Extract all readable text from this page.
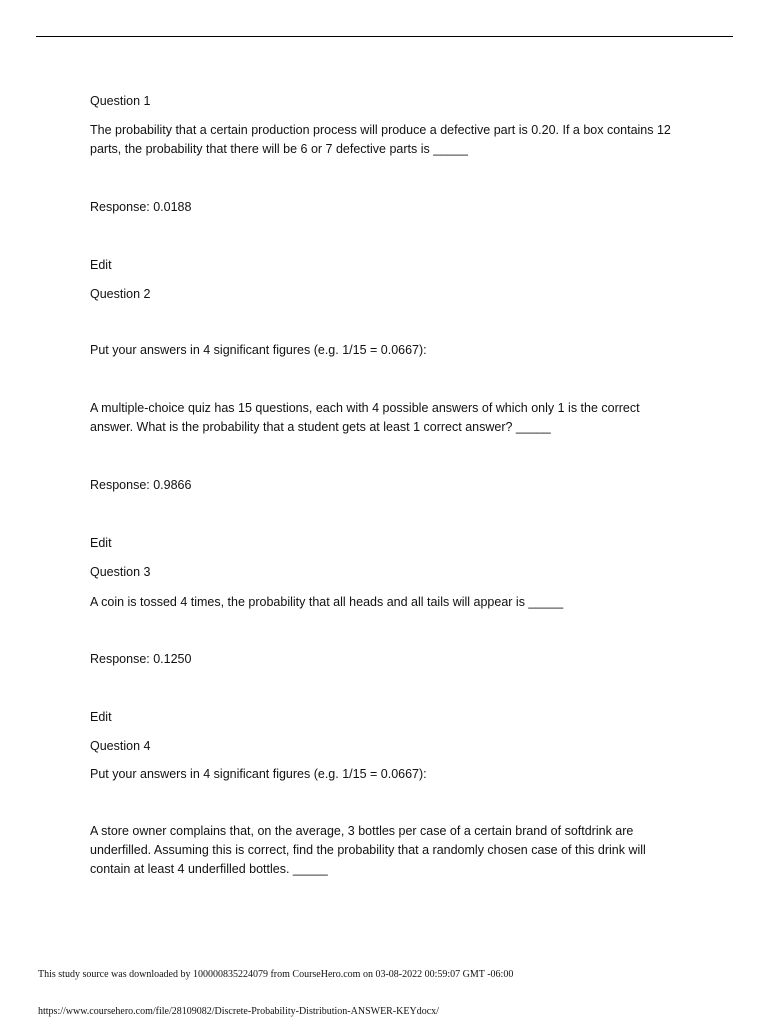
Question 1

The probability that a certain production process will produce a defective part is 0.20. If a box contains 12 parts, the probability that there will be 6 or 7 defective parts is _____

Response: 0.0188

Edit

Question 2

Put your answers in 4 significant figures (e.g. 1/15 = 0.0667):

A multiple-choice quiz has 15 questions, each with 4 possible answers of which only 1 is the correct answer. What is the probability that a student gets at least 1 correct answer? _____

Response: 0.9866

Edit

Question 3

A coin is tossed 4 times, the probability that all heads and all tails will appear is _____

Response: 0.1250

Edit

Question 4

Put your answers in 4 significant figures (e.g. 1/15 = 0.0667):

A store owner complains that, on the average, 3 bottles per case of a certain brand of softdrink are underfilled. Assuming this is correct, find the probability that a randomly chosen case of this drink will contain at least 4 underfilled bottles. _____

This study source was downloaded by 100000835224079 from CourseHero.com on 03-08-2022 00:59:07 GMT -06:00
https://www.coursehero.com/file/28109082/Discrete-Probability-Distribution-ANSWER-KEYdocx/
